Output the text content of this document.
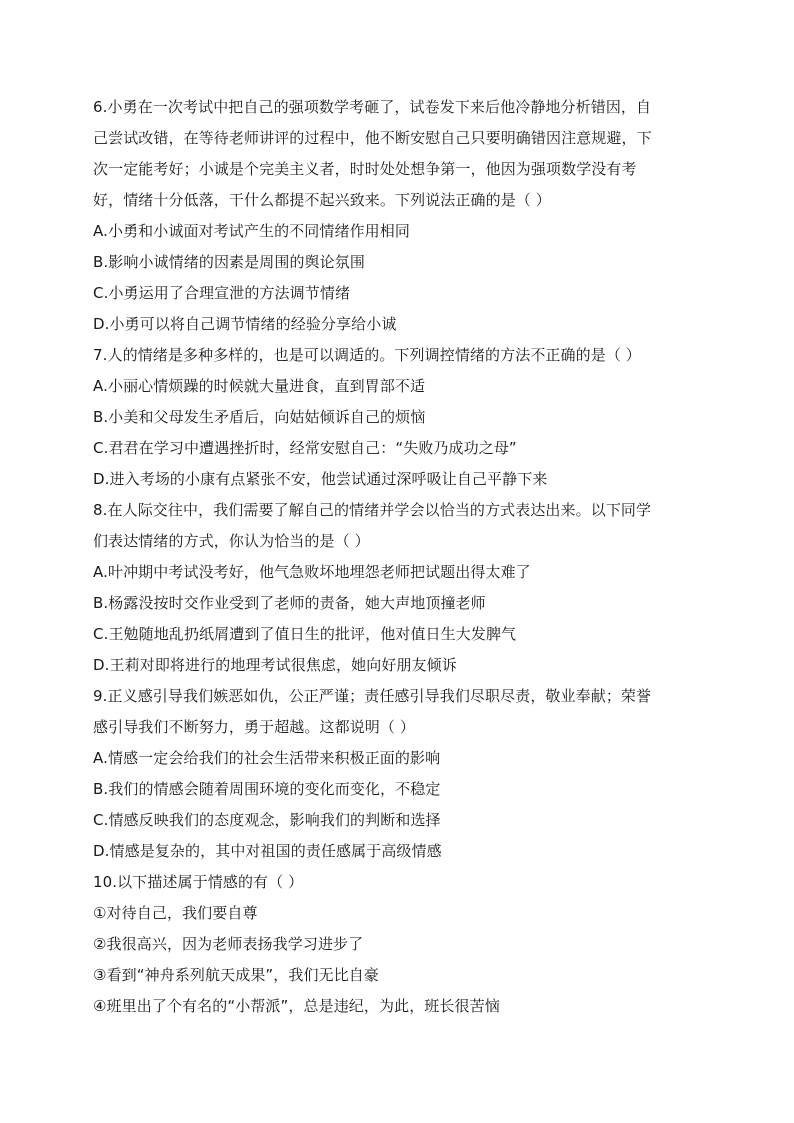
6.小勇在一次考试中把自己的强项数学考砸了，试卷发下来后他冷静地分析错因，自
己尝试改错，在等待老师讲评的过程中，他不断安慰自己只要明确错因注意规避，下
次一定能考好；小诚是个完美主义者，时时处处想争第一，他因为强项数学没有考
好，情绪十分低落，干什么都提不起兴致来。下列说法正确的是（ ）
A.小勇和小诚面对考试产生的不同情绪作用相同
B.影响小诚情绪的因素是周围的舆论氛围
C.小勇运用了合理宣泄的方法调节情绪
D.小勇可以将自己调节情绪的经验分享给小诚
7.人的情绪是多种多样的，也是可以调适的。下列调控情绪的方法不正确的是（ ）
A.小丽心情烦躁的时候就大量进食，直到胃部不适
B.小美和父母发生矛盾后，向姑姑倾诉自己的烦恼
C.君君在学习中遭遇挫折时，经常安慰自己：“失败乃成功之母”
D.进入考场的小康有点紧张不安，他尝试通过深呼吸让自己平静下来
8.在人际交往中，我们需要了解自己的情绪并学会以恰当的方式表达出来。以下同学
们表达情绪的方式，你认为恰当的是（ ）
A.叶冲期中考试没考好，他气急败坏地埋怨老师把试题出得太难了
B.杨露没按时交作业受到了老师的责备，她大声地顶撞老师
C.王勉随地乱扔纸屑遭到了值日生的批评，他对值日生大发脾气
D.王莉对即将进行的地理考试很焦虑，她向好朋友倾诉
9.正义感引导我们嫉恶如仇，公正严谨；责任感引导我们尽职尽责，敬业奉献；荣誉
感引导我们不断努力，勇于超越。这都说明（ ）
A.情感一定会给我们的社会生活带来积极正面的影响
B.我们的情感会随着周围环境的变化而变化，不稳定
C.情感反映我们的态度观念，影响我们的判断和选择
D.情感是复杂的，其中对祖国的责任感属于高级情感
10.以下描述属于情感的有（ ）
①对待自己，我们要自尊
②我很高兴，因为老师表扬我学习进步了
③看到“神舟系列航天成果”，我们无比自豪
④班里出了个有名的“小帮派”，总是违纪，为此，班长很苦恼
